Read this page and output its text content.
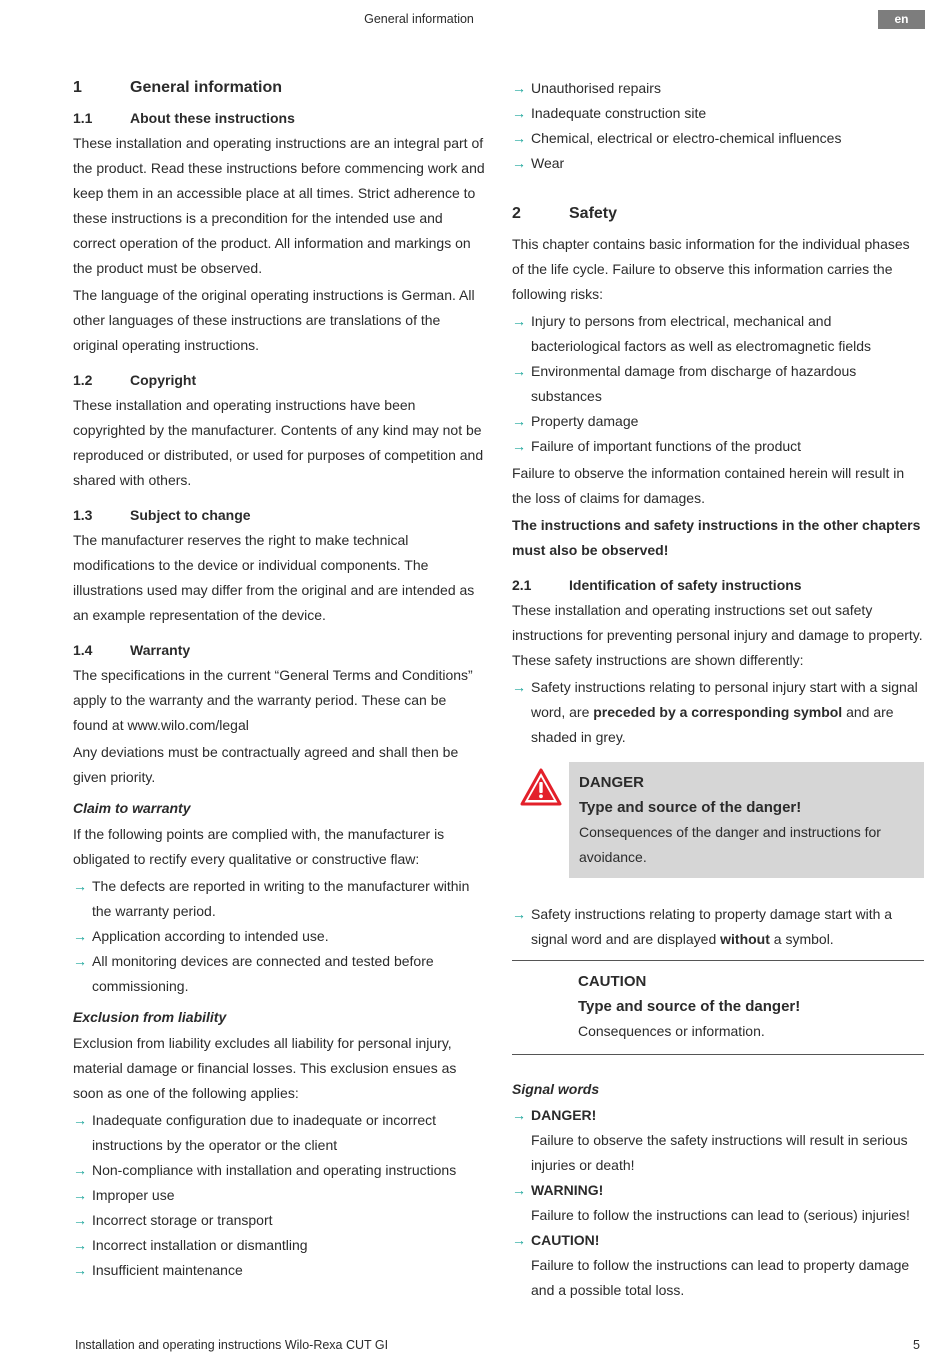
General information	en
1	General information
1.1	About these instructions

These installation and operating instructions are an integral part of the product. Read these instructions before commencing work and keep them in an accessible place at all times. Strict adherence to these instructions is a precondition for the intended use and correct operation of the product. All information and markings on the product must be observed.

The language of the original operating instructions is German. All other languages of these instructions are translations of the original operating instructions.

1.2	Copyright

These installation and operating instructions have been copyrighted by the manufacturer. Contents of any kind may not be reproduced or distributed, or used for purposes of competition and shared with others.

1.3	Subject to change

The manufacturer reserves the right to make technical modifications to the device or individual components. The illustrations used may differ from the original and are intended as an example representation of the device.

1.4	Warranty

The specifications in the current “General Terms and Conditions” apply to the warranty and the warranty period. These can be found at www.wilo.com/legal

Any deviations must be contractually agreed and shall then be given priority.

Claim to warranty

If the following points are complied with, the manufacturer is obligated to rectify every qualitative or constructive flaw:

→ The defects are reported in writing to the manufacturer within the warranty period.
→ Application according to intended use.
→ All monitoring devices are connected and tested before commissioning.
Exclusion from liability

Exclusion from liability excludes all liability for personal injury, material damage or financial losses. This exclusion ensues as soon as one of the following applies:

→ Inadequate configuration due to inadequate or incorrect instructions by the operator or the client
→ Non-compliance with installation and operating instructions
→ Improper use
→ Incorrect storage or transport
→ Incorrect installation or dismantling
→ Insufficient maintenance
→ Unauthorised repairs
→ Inadequate construction site
→ Chemical, electrical or electro-chemical influences
→ Wear
2	Safety

This chapter contains basic information for the individual phases of the life cycle. Failure to observe this information carries the following risks:

→ Injury to persons from electrical, mechanical and bacteriological factors as well as electromagnetic fields
→ Environmental damage from discharge of hazardous substances
→ Property damage
→ Failure of important functions of the product

Failure to observe the information contained herein will result in the loss of claims for damages.

The instructions and safety instructions in the other chapters must also be observed!

2.1	Identification of safety instructions

These installation and operating instructions set out safety instructions for preventing personal injury and damage to property. These safety instructions are shown differently:

→ Safety instructions relating to personal injury start with a signal word, are preceded by a corresponding symbol and are shaded in grey.
DANGER
Type and source of the danger!
Consequences of the danger and instructions for avoidance.
→ Safety instructions relating to property damage start with a signal word and are displayed without a symbol.
CAUTION
Type and source of the danger!
Consequences or information.
Signal words
→ DANGER!
Failure to observe the safety instructions will result in serious injuries or death!
→ WARNING!
Failure to follow the instructions can lead to (serious) injuries!
→ CAUTION!
Failure to follow the instructions can lead to property damage and a possible total loss.
Installation and operating instructions Wilo-Rexa CUT GI	5
